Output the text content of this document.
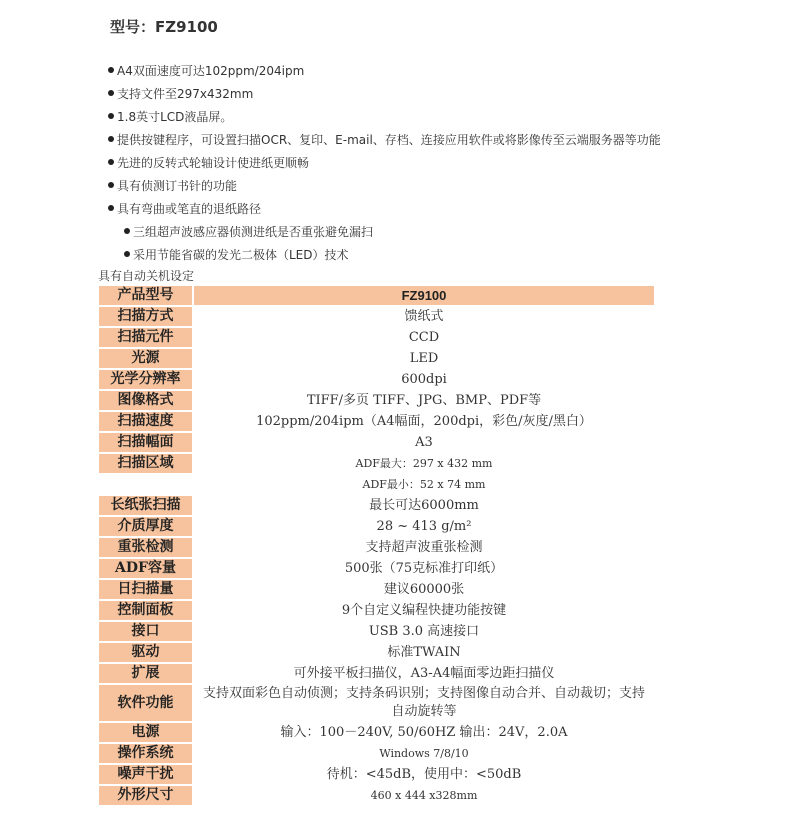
型号：FZ9100
A4双面速度可达102ppm/204ipm
支持文件至297x432mm
1.8英寸LCD液晶屏。
提供按键程序，可设置扫描OCR、复印、E-mail、存档、连接应用软件或将影像传至云端服务器等功能
先进的反转式轮轴设计使进纸更顺畅
具有侦测订书针的功能
具有弯曲或笔直的退纸路径
三组超声波感应器侦测进纸是否重张避免漏扫
采用节能省碳的发光二极体（LED）技术
具有自动关机设定
产品型号	FZ9100
扫描方式	馈纸式
扫描元件	CCD
光源	LED
光学分辨率	600dpi
图像格式	TIFF/多页 TIFF、JPG、BMP、PDF等
扫描速度	102ppm/204ipm（A4幅面，200dpi，彩色/灰度/黑白）
扫描幅面	A3
扫描区域	ADF最大：297 x 432 mm
	ADF最小：52 x 74 mm
长纸张扫描	最长可达6000mm
介质厚度	28 ~ 413 g/m²
重张检测	支持超声波重张检测
ADF容量	500张（75克标准打印纸）
日扫描量	建议60000张
控制面板	9个自定义编程快捷功能按键
接口	USB 3.0 高速接口
驱动	标准TWAIN
扩展	可外接平板扫描仪，A3-A4幅面零边距扫描仪
软件功能	支持双面彩色自动侦测；支持条码识别；支持图像自动合并、自动裁切；支持自动旋转等
电源	输入：100－240V, 50/60HZ 输出：24V，2.0A
操作系统	Windows 7/8/10
噪声干扰	待机：<45dB，使用中：<50dB
外形尺寸	460 x 444 x328mm
